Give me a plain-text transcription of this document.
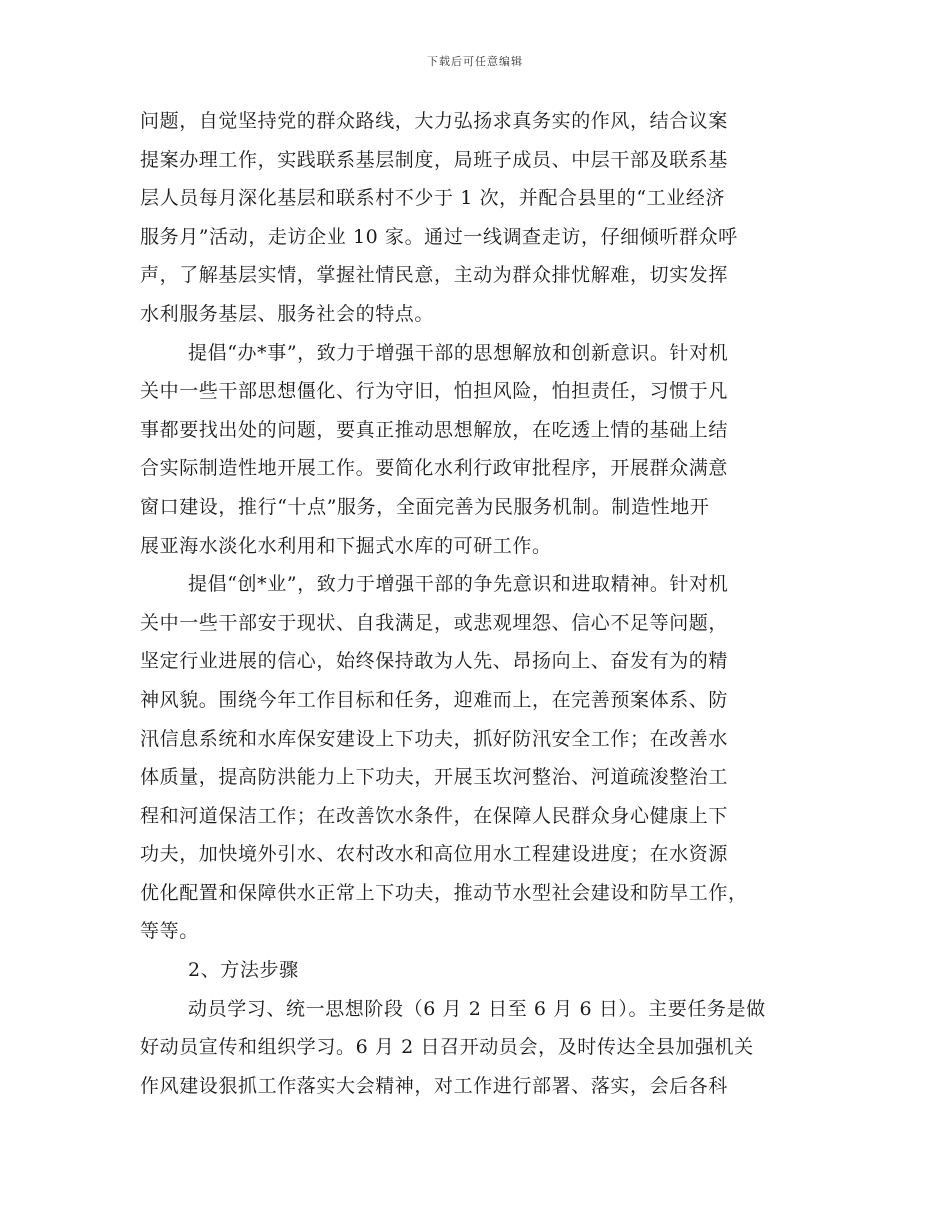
下载后可任意编辑

问题，自觉坚持党的群众路线，大力弘扬求真务实的作风，结合议案
提案办理工作，实践联系基层制度，局班子成员、中层干部及联系基
层人员每月深化基层和联系村不少于 1 次，并配合县里的“工业经济
服务月”活动，走访企业 10 家。通过一线调查走访，仔细倾听群众呼
声，了解基层实情，掌握社情民意，主动为群众排忧解难，切实发挥
水利服务基层、服务社会的特点。

提倡“办*事”，致力于增强干部的思想解放和创新意识。针对机
关中一些干部思想僵化、行为守旧，怕担风险，怕担责任，习惯于凡
事都要找出处的问题，要真正推动思想解放，在吃透上情的基础上结
合实际制造性地开展工作。要简化水利行政审批程序，开展群众满意
窗口建设，推行“十点”服务，全面完善为民服务机制。制造性地开
展亚海水淡化水利用和下掘式水库的可研工作。

提倡“创*业”，致力于增强干部的争先意识和进取精神。针对机
关中一些干部安于现状、自我满足，或悲观埋怨、信心不足等问题，
坚定行业进展的信心，始终保持敢为人先、昂扬向上、奋发有为的精
神风貌。围绕今年工作目标和任务，迎难而上，在完善预案体系、防
汛信息系统和水库保安建设上下功夫，抓好防汛安全工作；在改善水
体质量，提高防洪能力上下功夫，开展玉坎河整治、河道疏浚整治工
程和河道保洁工作；在改善饮水条件，在保障人民群众身心健康上下
功夫，加快境外引水、农村改水和高位用水工程建设进度；在水资源
优化配置和保障供水正常上下功夫，推动节水型社会建设和防旱工作，
等等。

2、方法步骤

动员学习、统一思想阶段（6 月 2 日至 6 月 6 日）。主要任务是做
好动员宣传和组织学习。6 月 2 日召开动员会，及时传达全县加强机关
作风建设狠抓工作落实大会精神，对工作进行部署、落实，会后各科
